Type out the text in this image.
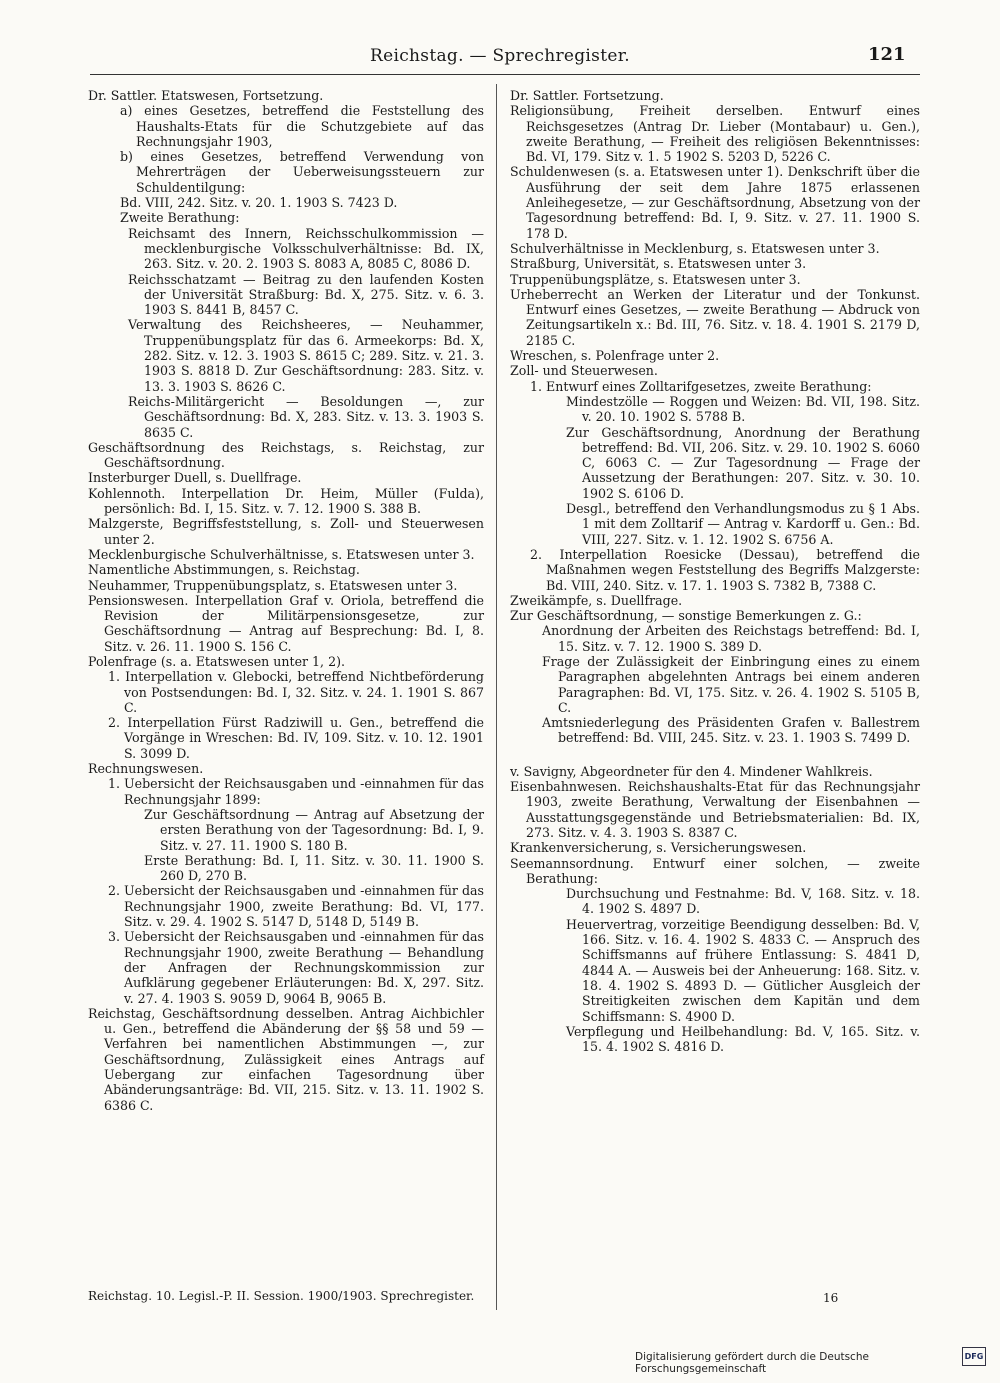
Reichstag. — Sprechregister.	121

Dr. Sattler. Etatswesen, Fortsetzung.

a) eines Gesetzes, betreffend die Feststellung des Haushalts-Etats für die Schutzgebiete auf das Rechnungsjahr 1903,

b) eines Gesetzes, betreffend Verwendung von Mehrerträgen der Ueberweisungssteuern zur Schuldentilgung:

Bd. VIII, 242. Sitz. v. 20. 1. 1903 S. 7423 D.

Zweite Berathung:

Reichsamt des Innern, Reichsschulkommission — mecklenburgische Volksschulverhältnisse: Bd. IX, 263. Sitz. v. 20. 2. 1903 S. 8083 A, 8085 C, 8086 D.

Reichsschatzamt — Beitrag zu den laufenden Kosten der Universität Straßburg: Bd. X, 275. Sitz. v. 6. 3. 1903 S. 8441 B, 8457 C.

Verwaltung des Reichsheeres, — Neuhammer, Truppenübungsplatz für das 6. Armeekorps: Bd. X, 282. Sitz. v. 12. 3. 1903 S. 8615 C; 289. Sitz. v. 21. 3. 1903 S. 8818 D. Zur Geschäftsordnung: 283. Sitz. v. 13. 3. 1903 S. 8626 C.

Reichs-Militärgericht — Besoldungen —, zur Geschäftsordnung: Bd. X, 283. Sitz. v. 13. 3. 1903 S. 8635 C.

Geschäftsordnung des Reichstags, s. Reichstag, zur Geschäftsordnung.

Insterburger Duell, s. Duellfrage.

Kohlennoth. Interpellation Dr. Heim, Müller (Fulda), persönlich: Bd. I, 15. Sitz. v. 7. 12. 1900 S. 388 B.

Malzgerste, Begriffsfeststellung, s. Zoll- und Steuerwesen unter 2.

Mecklenburgische Schulverhältnisse, s. Etatswesen unter 3.

Namentliche Abstimmungen, s. Reichstag.

Neuhammer, Truppenübungsplatz, s. Etatswesen unter 3.

Pensionswesen. Interpellation Graf v. Oriola, betreffend die Revision der Militärpensionsgesetze, zur Geschäftsordnung — Antrag auf Besprechung: Bd. I, 8. Sitz. v. 26. 11. 1900 S. 156 C.

Polenfrage (s. a. Etatswesen unter 1, 2).

1. Interpellation v. Glebocki, betreffend Nichtbeförderung von Postsendungen: Bd. I, 32. Sitz. v. 24. 1. 1901 S. 867 C.

2. Interpellation Fürst Radziwill u. Gen., betreffend die Vorgänge in Wreschen: Bd. IV, 109. Sitz. v. 10. 12. 1901 S. 3099 D.

Rechnungswesen.

1. Uebersicht der Reichsausgaben und -einnahmen für das Rechnungsjahr 1899:

Zur Geschäftsordnung — Antrag auf Absetzung der ersten Berathung von der Tagesordnung: Bd. I, 9. Sitz. v. 27. 11. 1900 S. 180 B.

Erste Berathung: Bd. I, 11. Sitz. v. 30. 11. 1900 S. 260 D, 270 B.

2. Uebersicht der Reichsausgaben und -einnahmen für das Rechnungsjahr 1900, zweite Berathung: Bd. VI, 177. Sitz. v. 29. 4. 1902 S. 5147 D, 5148 D, 5149 B.

3. Uebersicht der Reichsausgaben und -einnahmen für das Rechnungsjahr 1900, zweite Berathung — Behandlung der Anfragen der Rechnungskommission zur Aufklärung gegebener Erläuterungen: Bd. X, 297. Sitz. v. 27. 4. 1903 S. 9059 D, 9064 B, 9065 B.

Reichstag, Geschäftsordnung desselben. Antrag Aichbichler u. Gen., betreffend die Abänderung der §§ 58 und 59 — Verfahren bei namentlichen Abstimmungen —, zur Geschäftsordnung, Zulässigkeit eines Antrags auf Uebergang zur einfachen Tagesordnung über Abänderungsanträge: Bd. VII, 215. Sitz. v. 13. 11. 1902 S. 6386 C.

Dr. Sattler. Fortsetzung.

Religionsübung, Freiheit derselben. Entwurf eines Reichsgesetzes (Antrag Dr. Lieber (Montabaur) u. Gen.), zweite Berathung, — Freiheit des religiösen Bekenntnisses: Bd. VI, 179. Sitz v. 1. 5 1902 S. 5203 D, 5226 C.

Schuldenwesen (s. a. Etatswesen unter 1). Denkschrift über die Ausführung der seit dem Jahre 1875 erlassenen Anleihegesetze, — zur Geschäftsordnung, Absetzung von der Tagesordnung betreffend: Bd. I, 9. Sitz. v. 27. 11. 1900 S. 178 D.

Schulverhältnisse in Mecklenburg, s. Etatswesen unter 3.

Straßburg, Universität, s. Etatswesen unter 3.

Truppenübungsplätze, s. Etatswesen unter 3.

Urheberrecht an Werken der Literatur und der Tonkunst. Entwurf eines Gesetzes, — zweite Berathung — Abdruck von Zeitungsartikeln x.: Bd. III, 76. Sitz. v. 18. 4. 1901 S. 2179 D, 2185 C.

Wreschen, s. Polenfrage unter 2.

Zoll- und Steuerwesen.

1. Entwurf eines Zolltarifgesetzes, zweite Berathung:

Mindestzölle — Roggen und Weizen: Bd. VII, 198. Sitz. v. 20. 10. 1902 S. 5788 B.

Zur Geschäftsordnung, Anordnung der Berathung betreffend: Bd. VII, 206. Sitz. v. 29. 10. 1902 S. 6060 C, 6063 C. — Zur Tagesordnung — Frage der Aussetzung der Berathungen: 207. Sitz. v. 30. 10. 1902 S. 6106 D.

Desgl., betreffend den Verhandlungsmodus zu § 1 Abs. 1 mit dem Zolltarif — Antrag v. Kardorff u. Gen.: Bd. VIII, 227. Sitz. v. 1. 12. 1902 S. 6756 A.

2. Interpellation Roesicke (Dessau), betreffend die Maßnahmen wegen Feststellung des Begriffs Malzgerste: Bd. VIII, 240. Sitz. v. 17. 1. 1903 S. 7382 B, 7388 C.

Zweikämpfe, s. Duellfrage.

Zur Geschäftsordnung, — sonstige Bemerkungen z. G.:

Anordnung der Arbeiten des Reichstags betreffend: Bd. I, 15. Sitz. v. 7. 12. 1900 S. 389 D.

Frage der Zulässigkeit der Einbringung eines zu einem Paragraphen abgelehnten Antrags bei einem anderen Paragraphen: Bd. VI, 175. Sitz. v. 26. 4. 1902 S. 5105 B, C.

Amtsniederlegung des Präsidenten Grafen v. Ballestrem betreffend: Bd. VIII, 245. Sitz. v. 23. 1. 1903 S. 7499 D.

v. Savigny, Abgeordneter für den 4. Mindener Wahlkreis.

Eisenbahnwesen. Reichshaushalts-Etat für das Rechnungsjahr 1903, zweite Berathung, Verwaltung der Eisenbahnen — Ausstattungsgegenstände und Betriebsmaterialien: Bd. IX, 273. Sitz. v. 4. 3. 1903 S. 8387 C.

Krankenversicherung, s. Versicherungswesen.

Seemannsordnung. Entwurf einer solchen, — zweite Berathung:

Durchsuchung und Festnahme: Bd. V, 168. Sitz. v. 18. 4. 1902 S. 4897 D.

Heuervertrag, vorzeitige Beendigung desselben: Bd. V, 166. Sitz. v. 16. 4. 1902 S. 4833 C. — Anspruch des Schiffsmanns auf frühere Entlassung: S. 4841 D, 4844 A. — Ausweis bei der Anheuerung: 168. Sitz. v. 18. 4. 1902 S. 4893 D. — Gütlicher Ausgleich der Streitigkeiten zwischen dem Kapitän und dem Schiffsmann: S. 4900 D.

Verpflegung und Heilbehandlung: Bd. V, 165. Sitz. v. 15. 4. 1902 S. 4816 D.

Reichstag. 10. Legisl.-P. II. Session. 1900/1903. Sprechregister.	16
Digitalisierung gefördert durch die Deutsche Forschungsgemeinschaft
DFG
